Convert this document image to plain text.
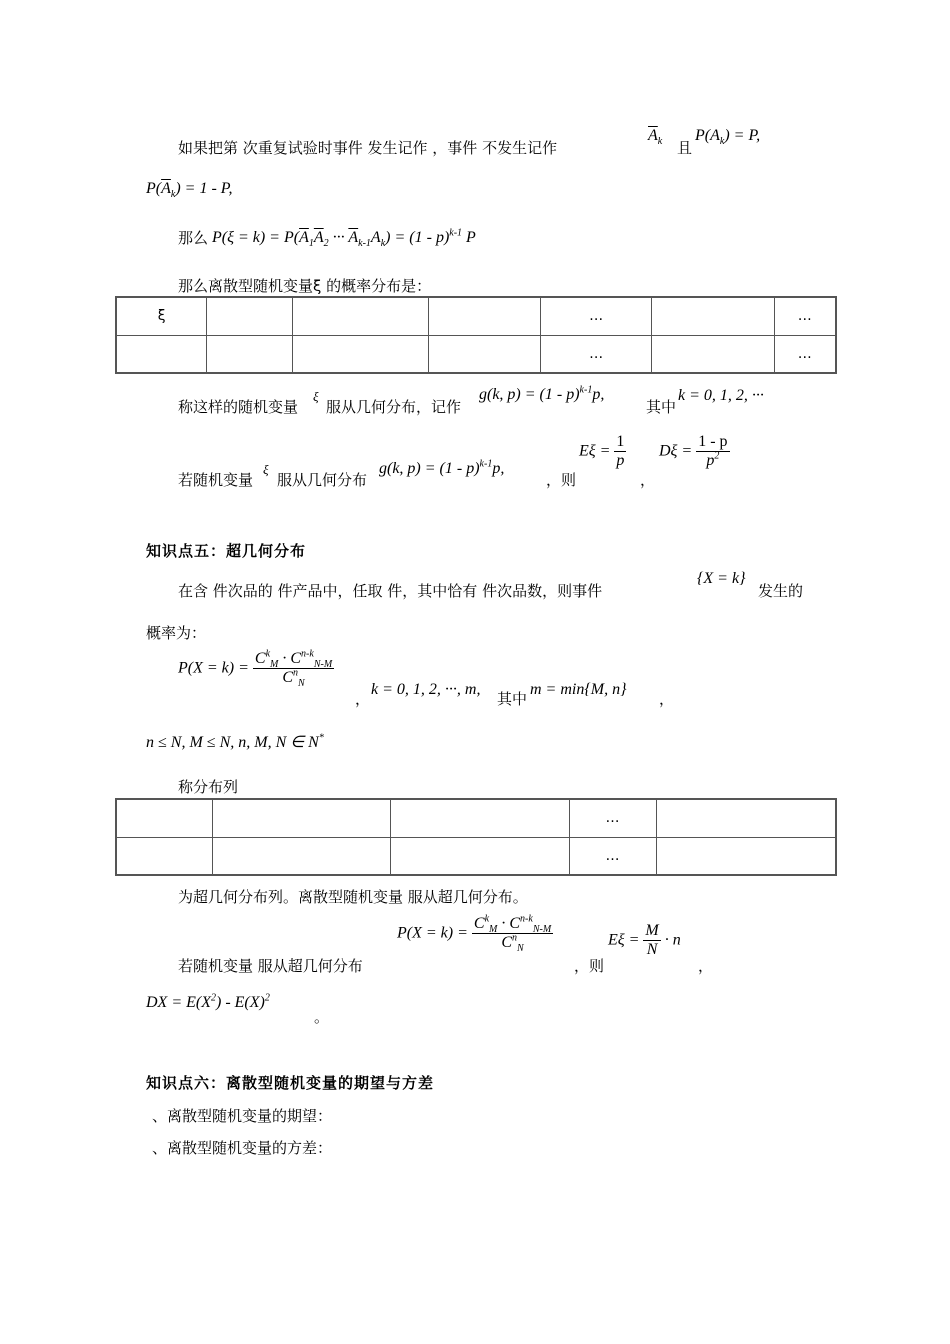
如果把第 次重复试验时事件 发生记作 ，事件 不发生记作
$\overline{A}_k$ 且
$P(A_k) = P$,
$P(\overline{A}_k) = 1 - P$,
那么 $P(\xi = k) = P(\overline{A}_1\overline{A}_2$ ··· $\overline{A}_{k-1}A_k) = (1 - p)^{k-1}$ P
那么离散型随机变量ξ 的概率分布是：
ξ				…		…
				…		…
称这样的随机变量
ξ
服从几何分布，记作
g(k, p) = (1 - p)$^{k-1}$p,
其中
k = 0, 1, 2, ···
若随机变量
ξ
服从几何分布
g(k, p) = (1 - p)$^{k-1}$p,
，则
$E\xi = \frac{1}{p}$
，
$D\xi = \frac{1 - p}{p^2}$
知识点五：超几何分布
在含 件次品的 件产品中，任取 件，其中恰有 件次品数，则事件
{X = k}
发生的
概率为：
$P(X = k) = \frac{C^k_M \cdot C^{n-k}_{N-M}}{C^n_N}$
，
k = 0, 1, 2, ···, m,
其中
m = min{M, n}
，
n ≤ N, M ≤ N, n, M, N ∈ N*
称分布列
			…	
			…	
为超几何分布列。离散型随机变量 服从超几何分布。
$P(X = k) = \frac{C^k_M \cdot C^{n-k}_{N-M}}{C^n_N}$
若随机变量 服从超几何分布	，则
$E\xi = \frac{M}{N} \cdot n$
，
DX = $E(X^2) - E(X)^2$
。
知识点六：离散型随机变量的期望与方差
、离散型随机变量的期望：
、离散型随机变量的方差：
